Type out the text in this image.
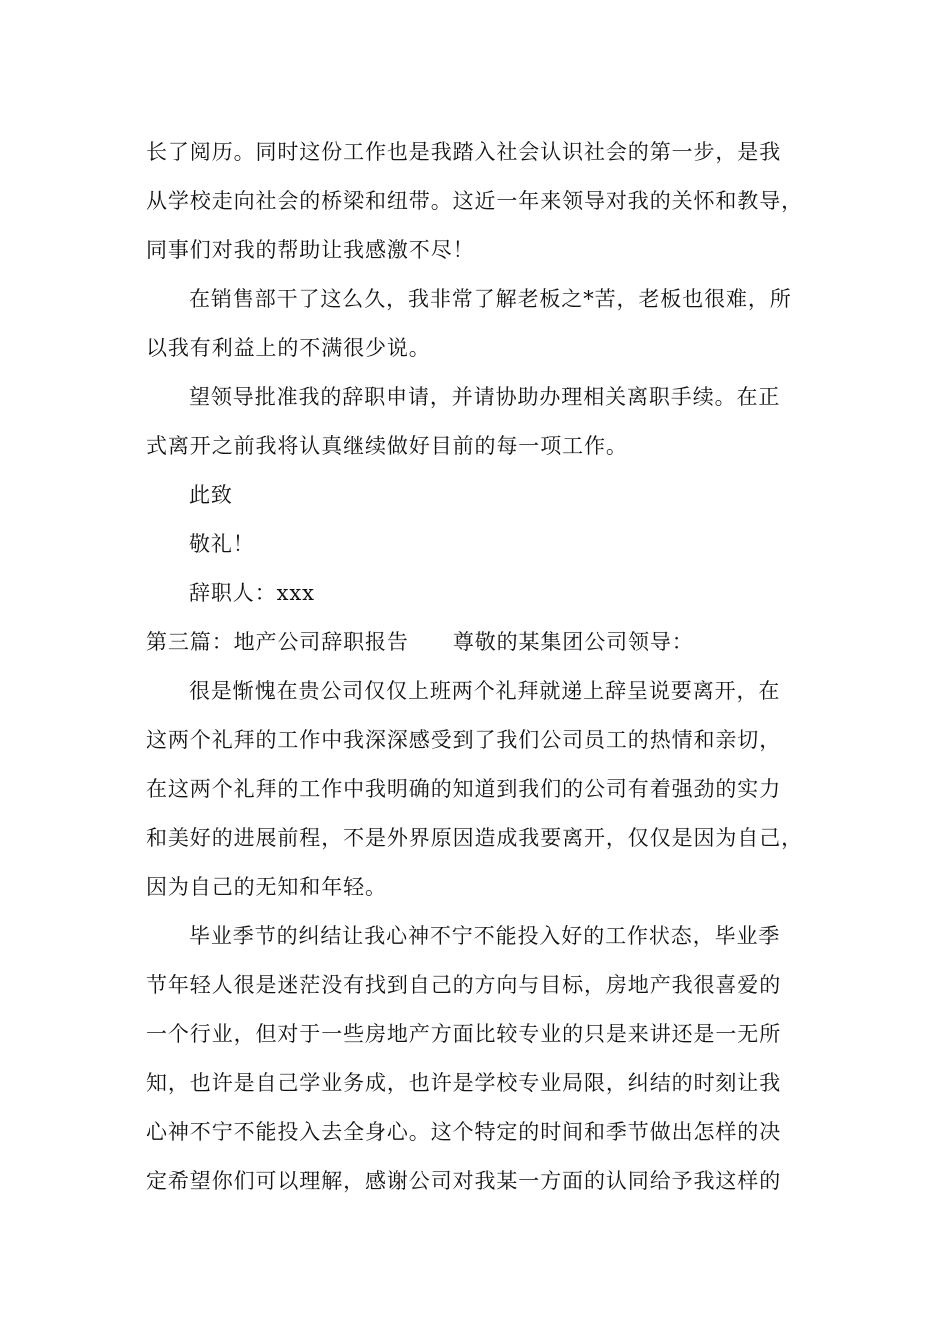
长了阅历。同时这份工作也是我踏入社会认识社会的第一步，是我
从学校走向社会的桥梁和纽带。这近一年来领导对我的关怀和教导，
同事们对我的帮助让我感激不尽！
在销售部干了这么久，我非常了解老板之*苦，老板也很难，所
以我有利益上的不满很少说。
望领导批准我的辞职申请，并请协助办理相关离职手续。在正
式离开之前我将认真继续做好目前的每一项工作。
此致
敬礼！
辞职人：xxx
第三篇：地产公司辞职报告 尊敬的某集团公司领导：
很是惭愧在贵公司仅仅上班两个礼拜就递上辞呈说要离开，在
这两个礼拜的工作中我深深感受到了我们公司员工的热情和亲切，
在这两个礼拜的工作中我明确的知道到我们的公司有着强劲的实力
和美好的进展前程，不是外界原因造成我要离开，仅仅是因为自己，
因为自己的无知和年轻。
毕业季节的纠结让我心神不宁不能投入好的工作状态，毕业季
节年轻人很是迷茫没有找到自己的方向与目标，房地产我很喜爱的
一个行业，但对于一些房地产方面比较专业的只是来讲还是一无所
知，也许是自己学业务成，也许是学校专业局限，纠结的时刻让我
心神不宁不能投入去全身心。这个特定的时间和季节做出怎样的决
定希望你们可以理解，感谢公司对我某一方面的认同给予我这样的
